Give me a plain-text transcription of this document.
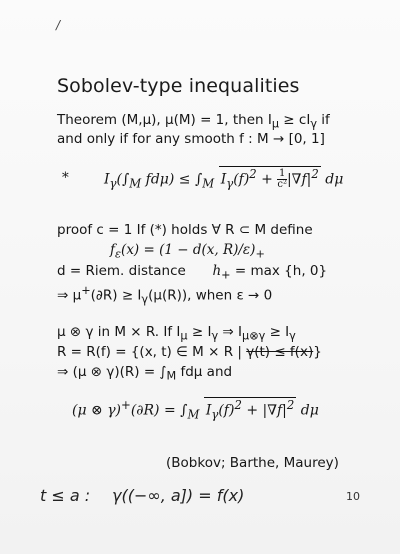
/
Sobolev-type inequalities
Theorem (M,μ), μ(M) = 1, then $I_\mu \ge cI_\gamma$ if
and only if for any smooth f : M → [0, 1]
*	$I_\gamma(\int_M$ $fd\mu) \le \int_M$ $I_\gamma(f)^2 + \frac{1}{\text{c²}} |\nabla f|^2$ dμ
proof c = 1 If (*) holds ∀ R ⊂ M define
$f_\varepsilon(x) = (1 - d(x$, $R)/\varepsilon)_+$
d = Riem. distance $h_+ = \max \{h$, 0}
⇒ $\mu^+(\partial R) \ge I_\gamma(\mu(R))$, when ε → 0
μ ⊗ γ in M × R. If $I_\mu \ge I_\gamma$ ⇒ $I_{\mu\otimes\gamma} \ge I_\gamma$
R = R(f) = {(x, t) ∈ M × R | γ(t) ≤ f(x)}
⇒ (μ ⊗ $\gamma)(R) = \int_M$ fdμ and
(μ ⊗ $\gamma)^+(\partial R) = \int_M$ $I_\gamma(f)^2 + |\nabla f|^2$ dμ
(Bobkov; Barthe, Maurey)
t ≤ a : γ((−∞, a]) = f(x)	10
